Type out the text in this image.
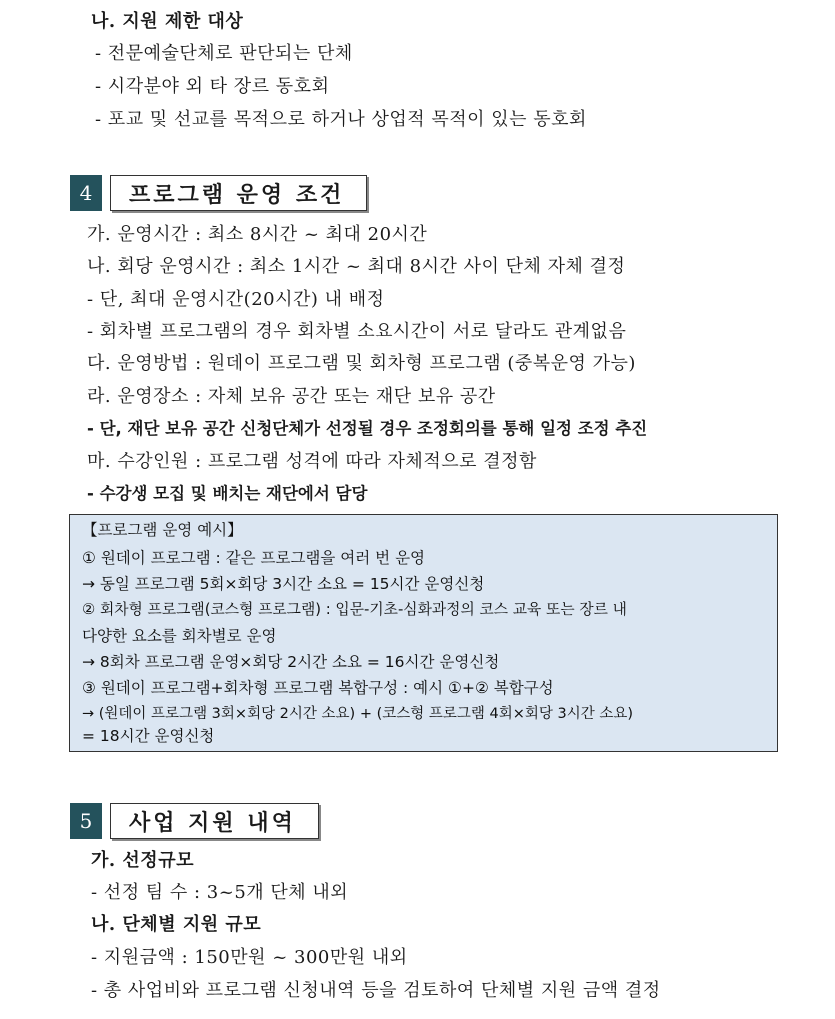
나. 지원 제한 대상
- 전문예술단체로 판단되는 단체
- 시각분야 외 타 장르 동호회
- 포교 및 선교를 목적으로 하거나 상업적 목적이 있는 동호회
4	프로그램 운영 조건
가. 운영시간 : 최소 8시간 ~ 최대 20시간
나. 회당 운영시간 : 최소 1시간 ~ 최대 8시간 사이 단체 자체 결정
- 단, 최대 운영시간(20시간) 내 배정
- 회차별 프로그램의 경우 회차별 소요시간이 서로 달라도 관계없음
다. 운영방법 : 원데이 프로그램 및 회차형 프로그램 (중복운영 가능)
라. 운영장소 : 자체 보유 공간 또는 재단 보유 공간
- 단, 재단 보유 공간 신청단체가 선정될 경우 조정회의를 통해 일정 조정 추진
마. 수강인원 : 프로그램 성격에 따라 자체적으로 결정함
- 수강생 모집 및 배치는 재단에서 담당
【프로그램 운영 예시】
① 원데이 프로그램 : 같은 프로그램을 여러 번 운영
→ 동일 프로그램 5회×회당 3시간 소요 = 15시간 운영신청
② 회차형 프로그램(코스형 프로그램) : 입문-기초-심화과정의 코스 교육 또는 장르 내
다양한 요소를 회차별로 운영
→ 8회차 프로그램 운영×회당 2시간 소요 = 16시간 운영신청
③ 원데이 프로그램+회차형 프로그램 복합구성 : 예시 ①+② 복합구성
→ (원데이 프로그램 3회×회당 2시간 소요) + (코스형 프로그램 4회×회당 3시간 소요)
= 18시간 운영신청
5	사업 지원 내역
가. 선정규모
- 선정 팀 수 : 3~5개 단체 내외
나. 단체별 지원 규모
- 지원금액 : 150만원 ~ 300만원 내외
- 총 사업비와 프로그램 신청내역 등을 검토하여 단체별 지원 금액 결정
